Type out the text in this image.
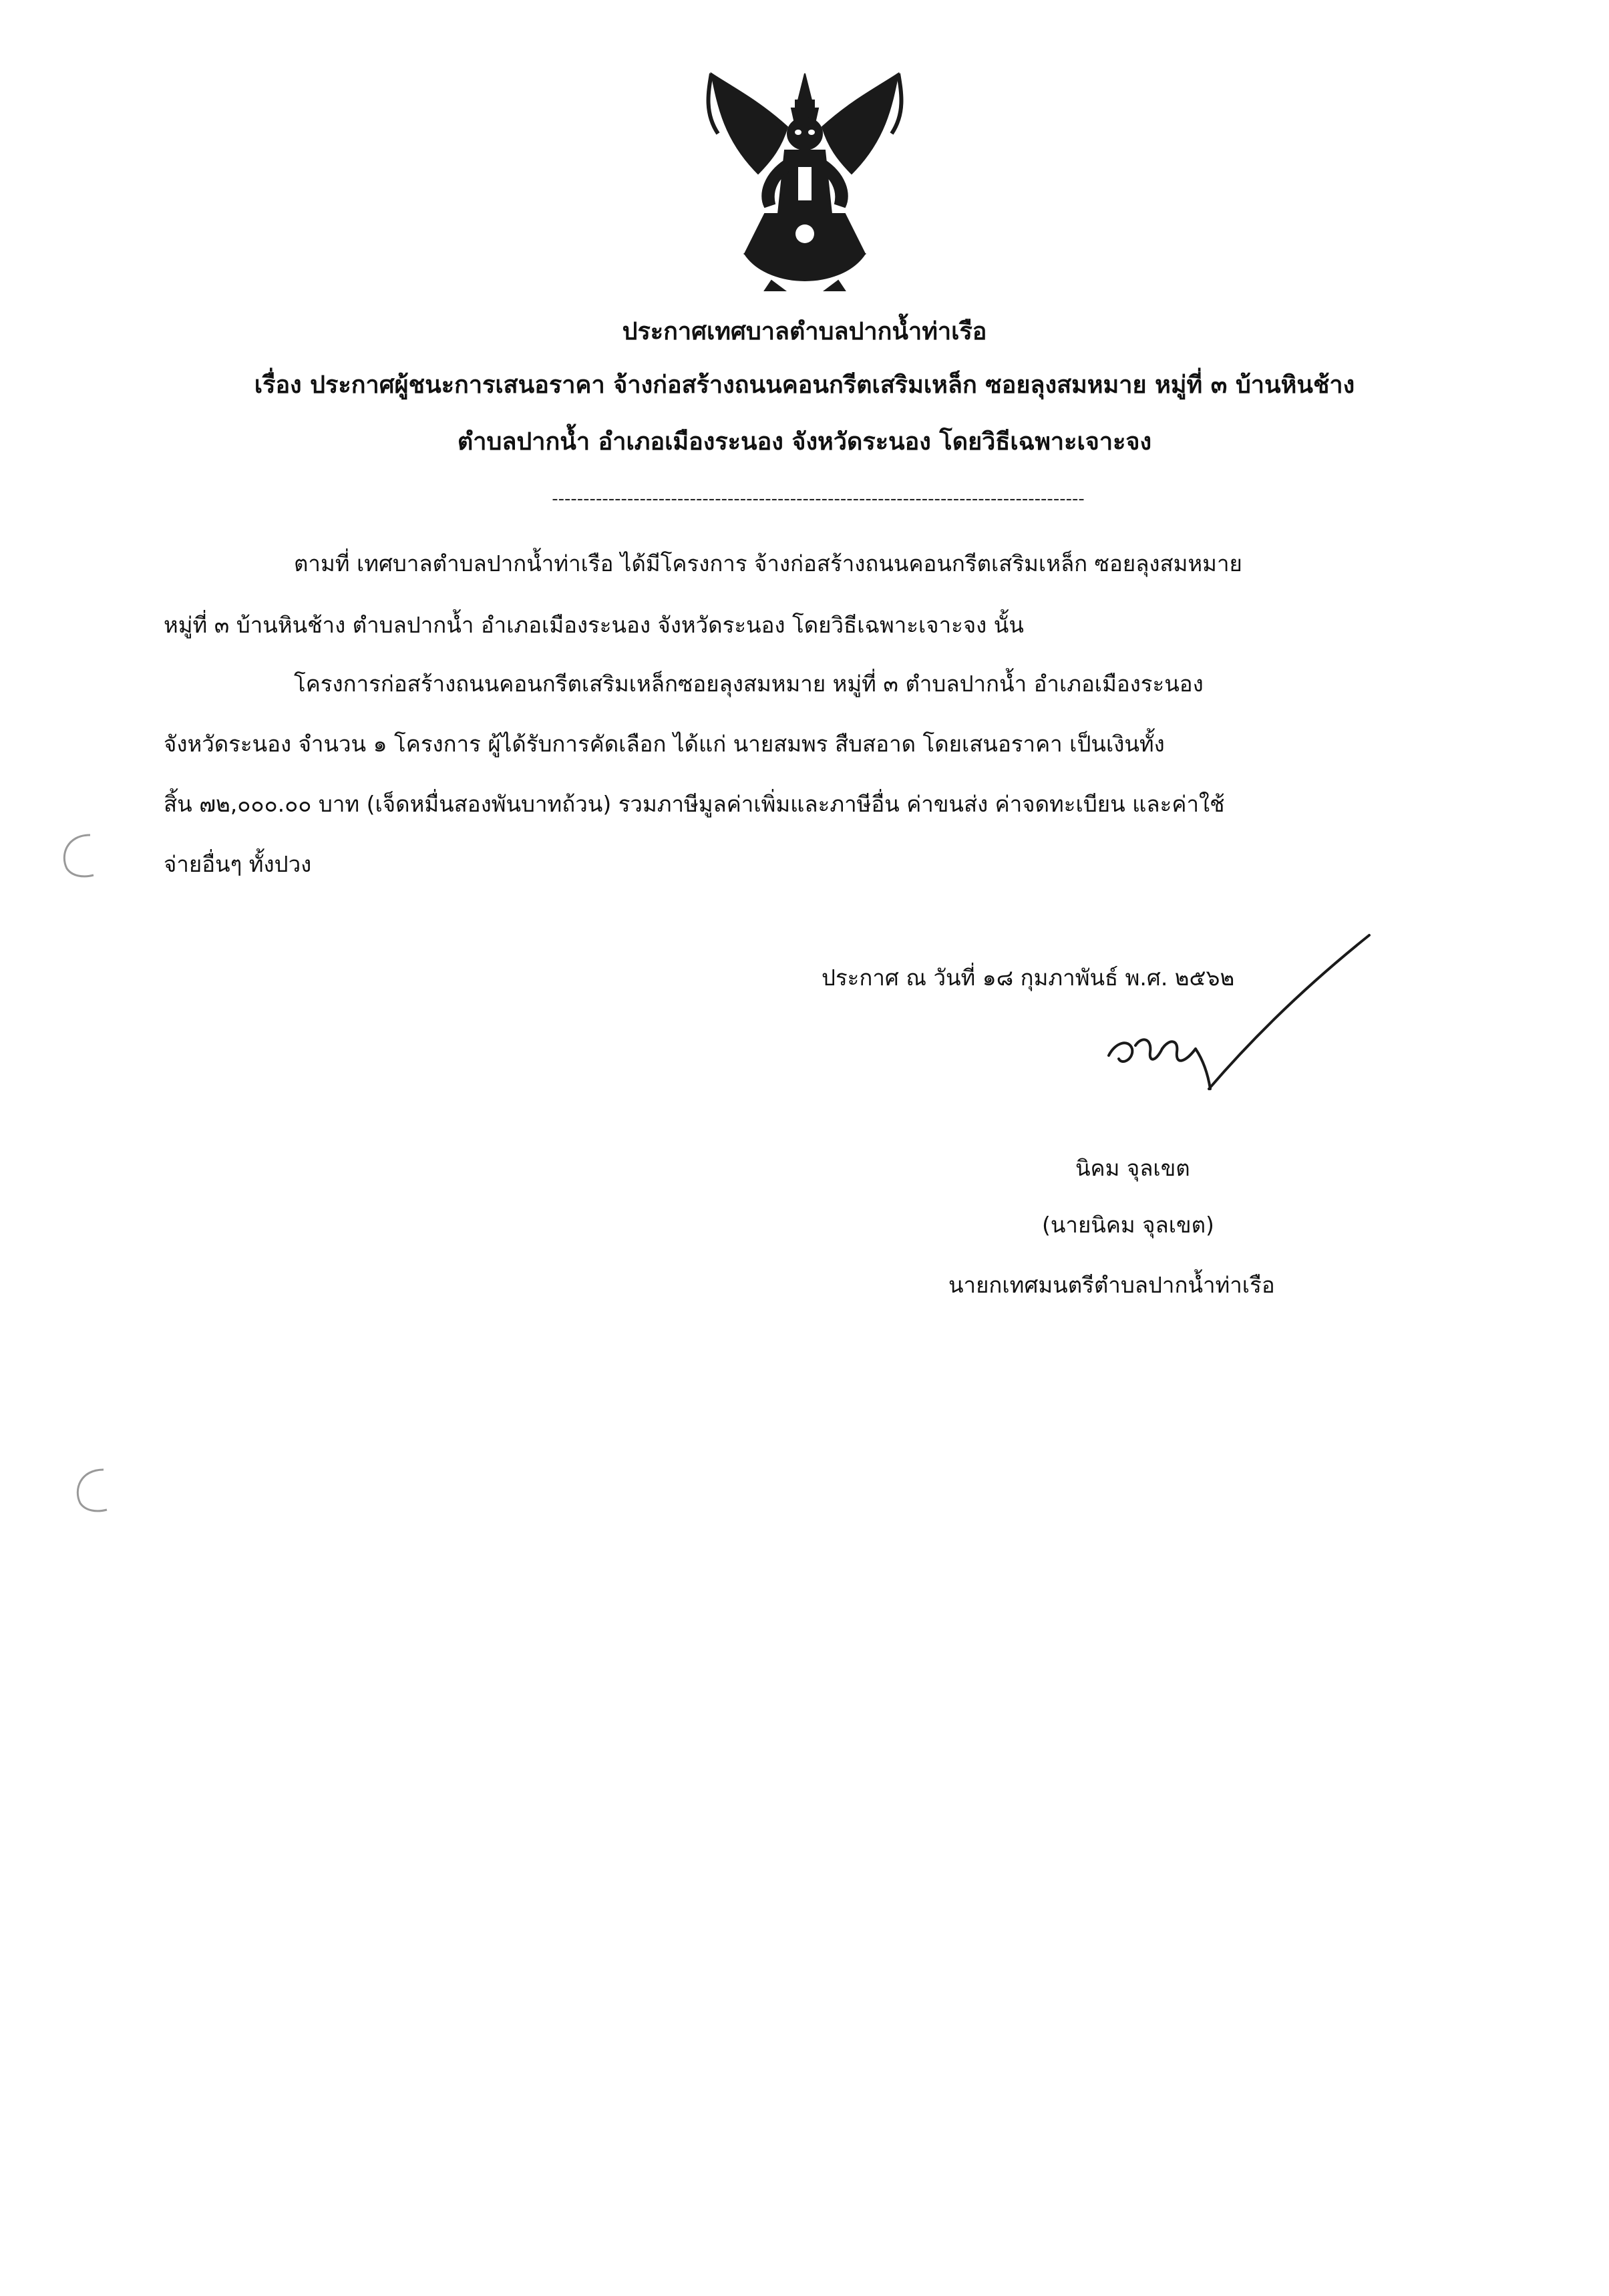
ประกาศเทศบาลตำบลปากน้ำท่าเรือ
เรื่อง ประกาศผู้ชนะการเสนอราคา จ้างก่อสร้างถนนคอนกรีตเสริมเหล็ก ซอยลุงสมหมาย หมู่ที่ ๓ บ้านหินช้าง
ตำบลปากน้ำ อำเภอเมืองระนอง จังหวัดระนอง โดยวิธีเฉพาะเจาะจง
-------------------------------------------------------------------------------------
ตามที่ เทศบาลตำบลปากน้ำท่าเรือ ได้มีโครงการ จ้างก่อสร้างถนนคอนกรีตเสริมเหล็ก ซอยลุงสมหมาย
หมู่ที่ ๓ บ้านหินช้าง ตำบลปากน้ำ อำเภอเมืองระนอง จังหวัดระนอง โดยวิธีเฉพาะเจาะจง นั้น
โครงการก่อสร้างถนนคอนกรีตเสริมเหล็กซอยลุงสมหมาย หมู่ที่ ๓ ตำบลปากน้ำ อำเภอเมืองระนอง
จังหวัดระนอง จำนวน ๑ โครงการ ผู้ได้รับการคัดเลือก ได้แก่ นายสมพร สืบสอาด โดยเสนอราคา เป็นเงินทั้ง
สิ้น ๗๒,๐๐๐.๐๐ บาท (เจ็ดหมื่นสองพันบาทถ้วน) รวมภาษีมูลค่าเพิ่มและภาษีอื่น ค่าขนส่ง ค่าจดทะเบียน และค่าใช้
จ่ายอื่นๆ ทั้งปวง
ประกาศ ณ วันที่ ๑๘ กุมภาพันธ์ พ.ศ. ๒๕๖๒
นิคม จุลเขต
(นายนิคม จุลเขต)
นายกเทศมนตรีตำบลปากน้ำท่าเรือ
